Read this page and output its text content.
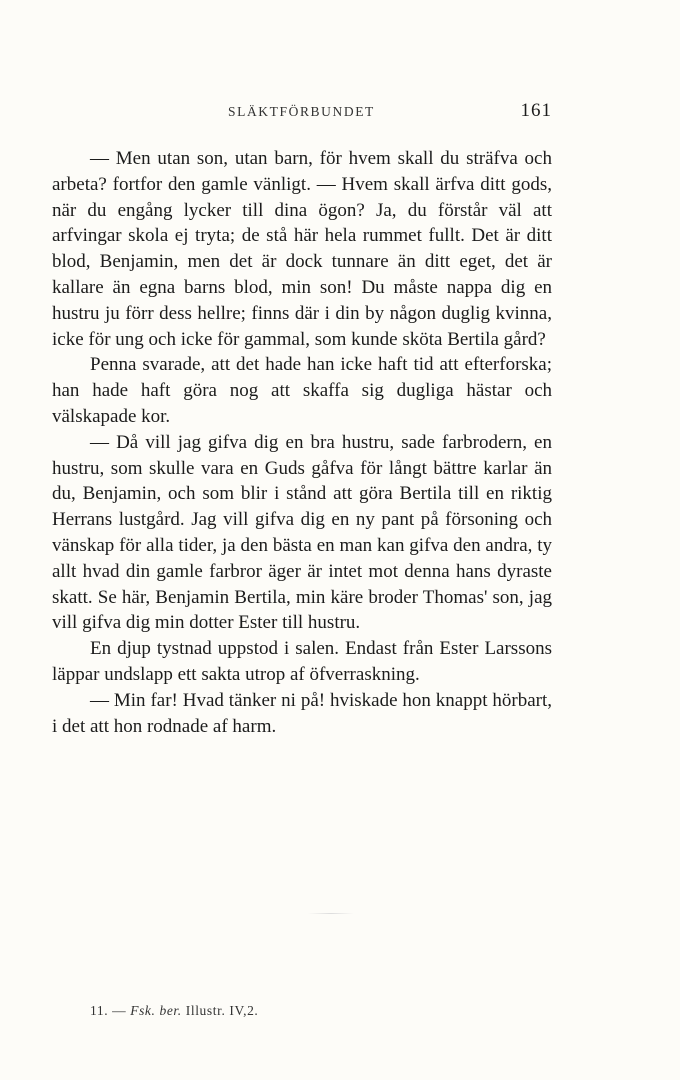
SLÄKTFÖRBUNDET	161

— Men utan son, utan barn, för hvem skall du sträfva och arbeta? fortfor den gamle vänligt. — Hvem skall ärfva ditt gods, när du engång lycker till dina ögon? Ja, du förstår väl att arfvingar skola ej tryta; de stå här hela rummet fullt. Det är ditt blod, Benjamin, men det är dock tunnare än ditt eget, det är kallare än egna barns blod, min son! Du måste nappa dig en hustru ju förr dess hellre; finns där i din by någon duglig kvinna, icke för ung och icke för gammal, som kunde sköta Bertila gård?

Penna svarade, att det hade han icke haft tid att efterforska; han hade haft göra nog att skaffa sig dugliga hästar och välskapade kor.

— Då vill jag gifva dig en bra hustru, sade farbrodern, en hustru, som skulle vara en Guds gåfva för långt bättre karlar än du, Benjamin, och som blir i stånd att göra Bertila till en riktig Herrans lustgård. Jag vill gifva dig en ny pant på försoning och vänskap för alla tider, ja den bästa en man kan gifva den andra, ty allt hvad din gamle farbror äger är intet mot denna hans dyraste skatt. Se här, Benjamin Bertila, min käre broder Thomas' son, jag vill gifva dig min dotter Ester till hustru.

En djup tystnad uppstod i salen. Endast från Ester Larssons läppar undslapp ett sakta utrop af öfverraskning.

— Min far! Hvad tänker ni på! hviskade hon knappt hörbart, i det att hon rodnade af harm.

11. — Fsk. ber. Illustr. IV,2.
